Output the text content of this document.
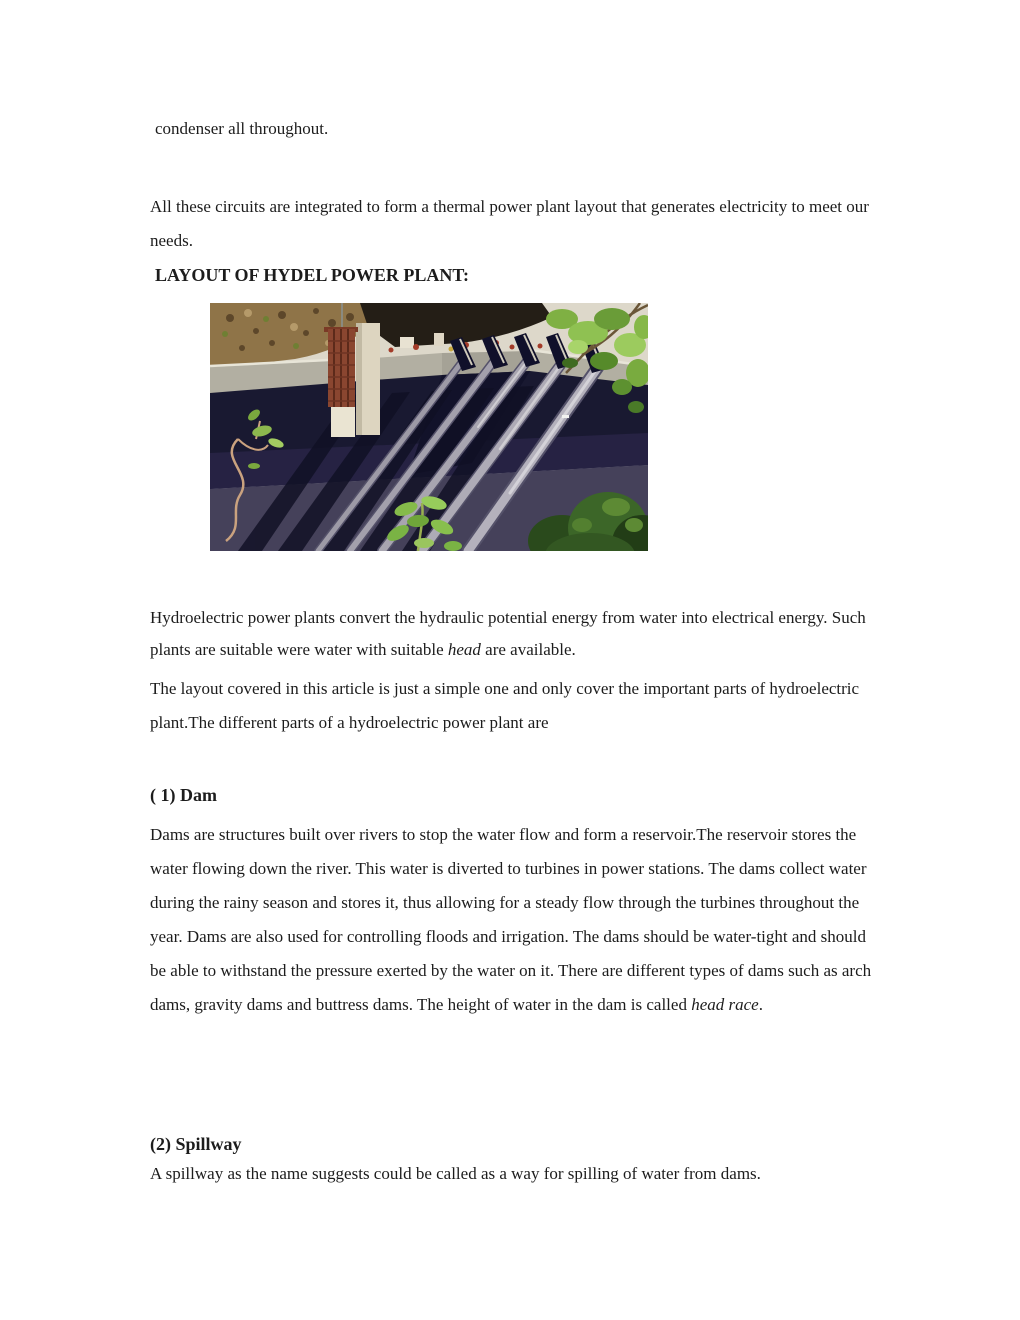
condenser all throughout.
All these circuits are integrated to form a thermal power plant layout that generates electricity to meet our needs.
LAYOUT OF HYDEL POWER PLANT:
Hydroelectric power plants convert the hydraulic potential energy from water into electrical energy. Such plants are suitable were water with suitable head are available.
The layout covered in this article is just a simple one and only cover the important parts of hydroelectric plant.The different parts of a hydroelectric power plant are
( 1) Dam
Dams are structures built over rivers to stop the water flow and form a reservoir.The reservoir stores the water flowing down the river. This water is diverted to turbines in power stations. The dams collect water during the rainy season and stores it, thus allowing for a steady flow through the turbines throughout the year. Dams are also used for controlling floods and irrigation. The dams should be water-tight and should be able to withstand the pressure exerted by the water on it. There are different types of dams such as arch dams, gravity dams and buttress dams. The height of water in the dam is called head race.
(2) Spillway
A spillway as the name suggests could be called as a way for spilling of water from dams.
